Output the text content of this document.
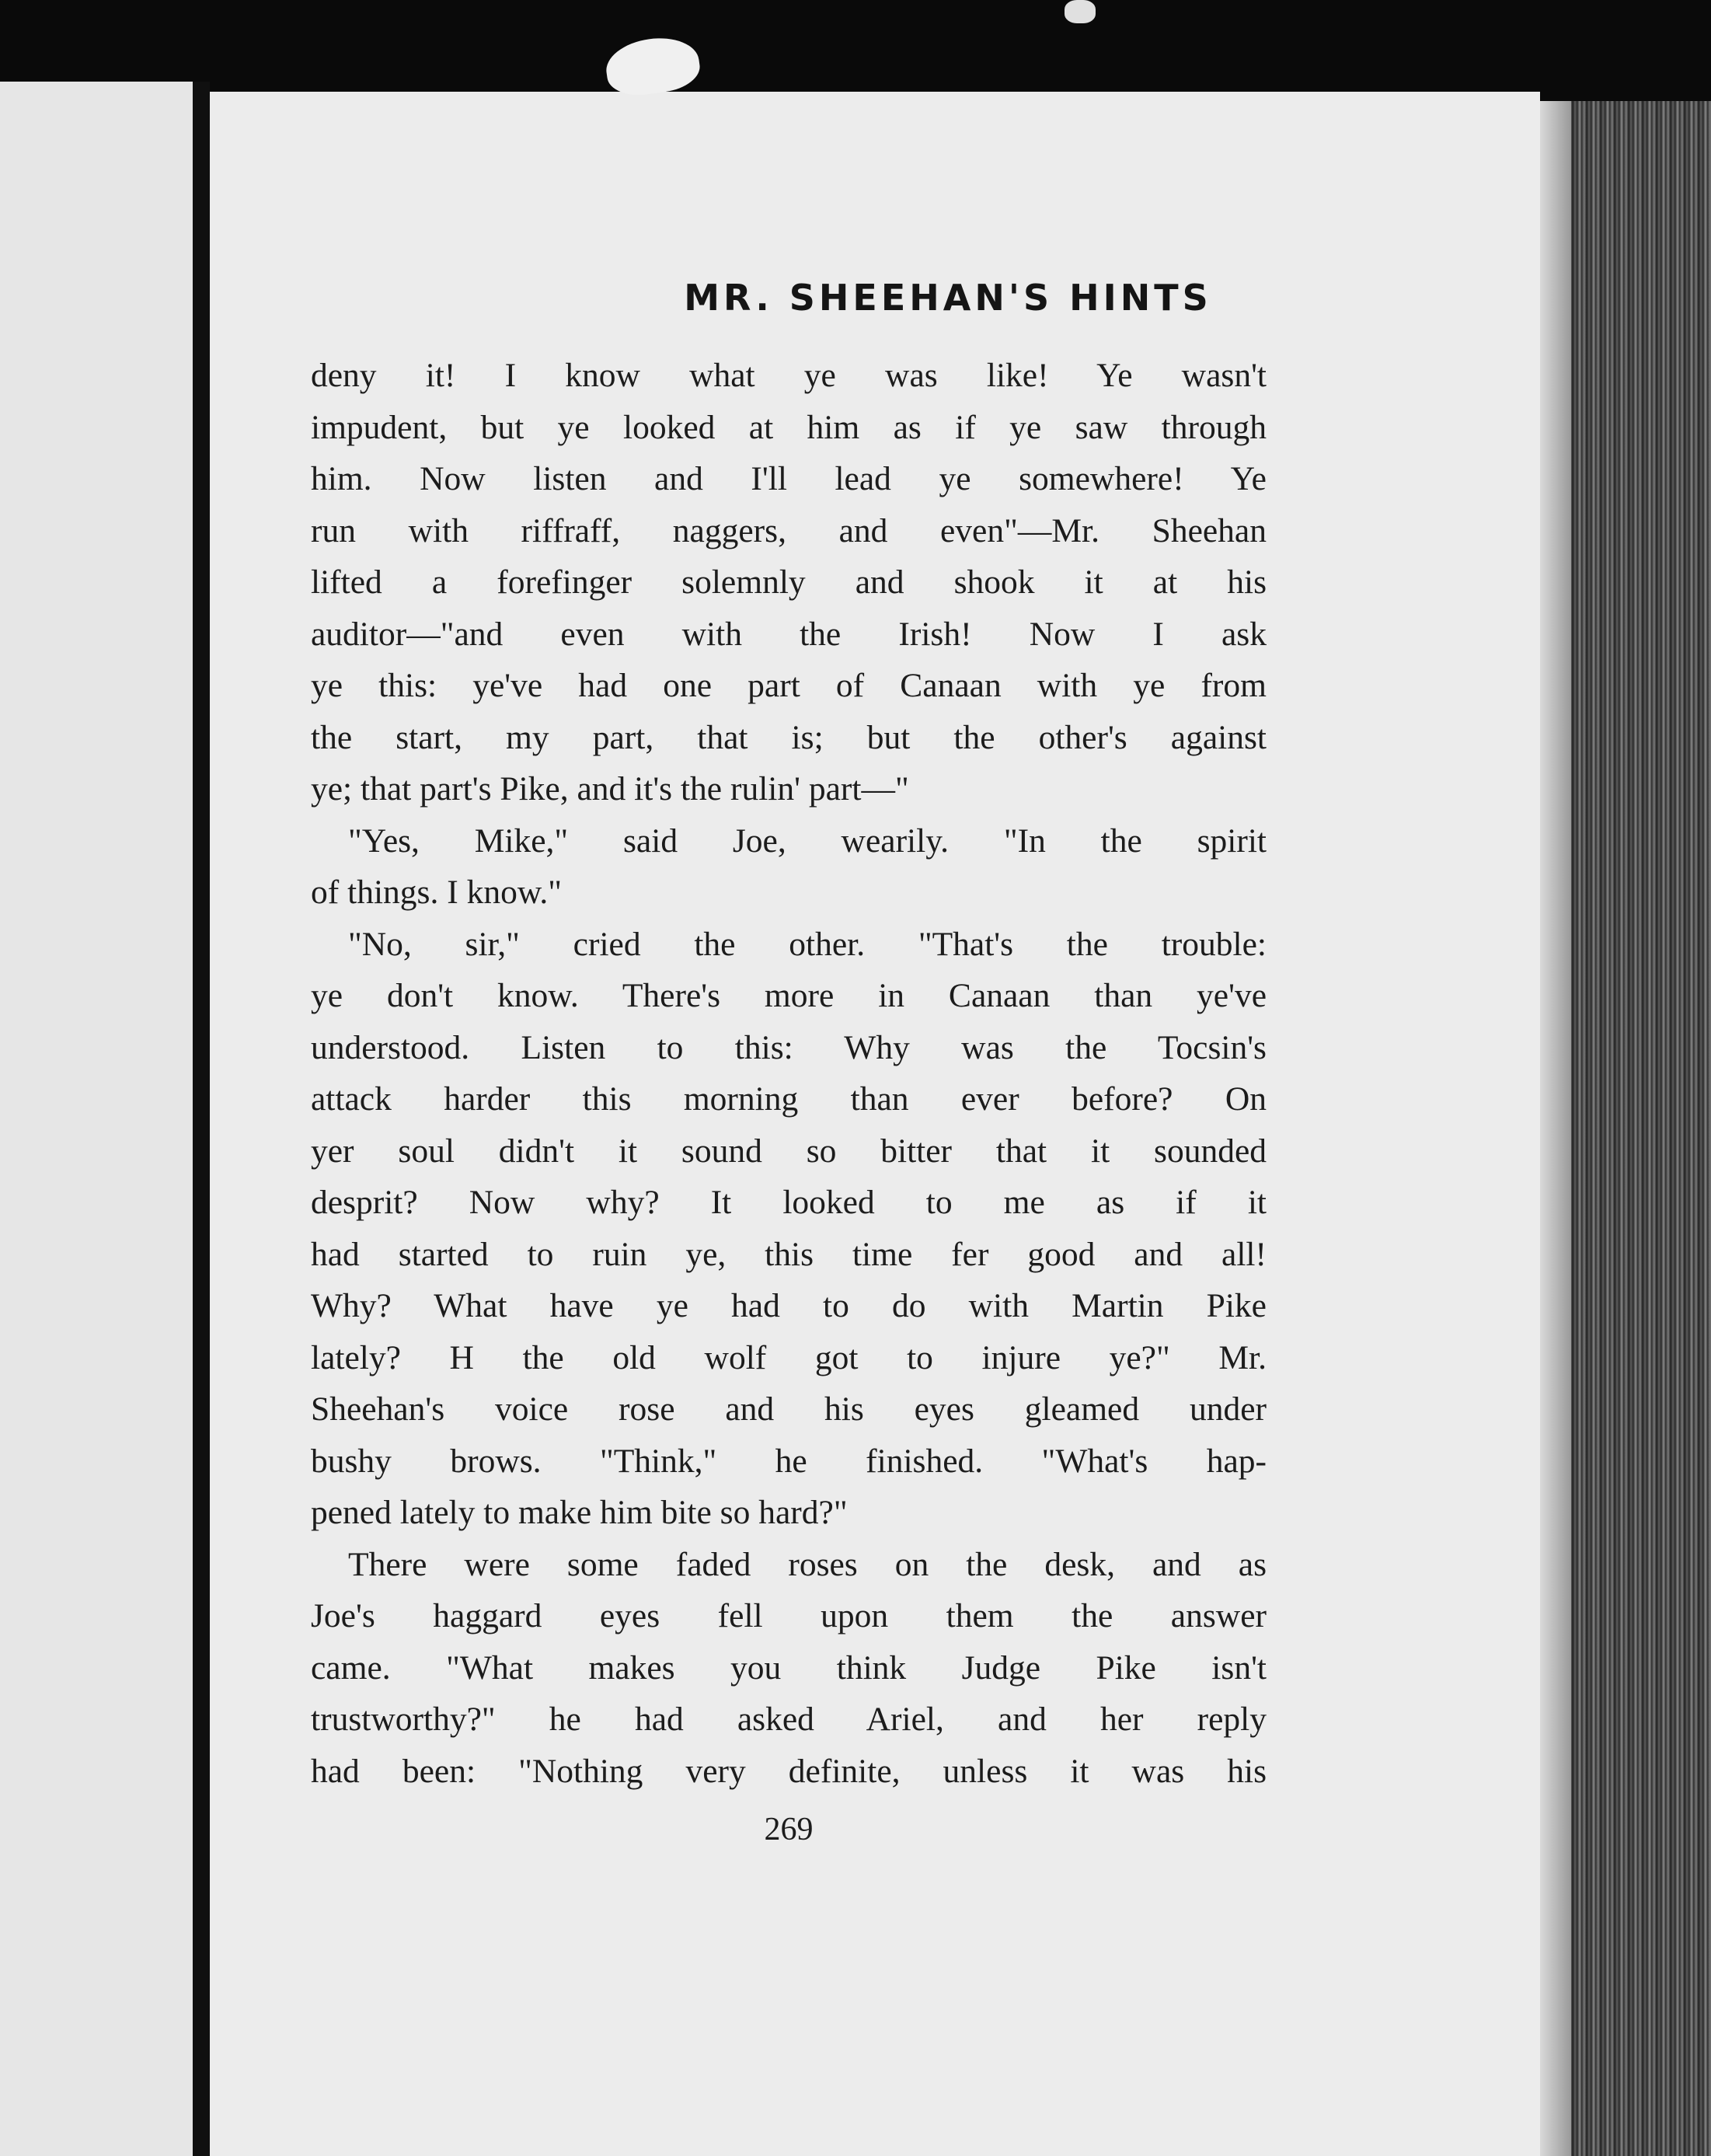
MR. SHEEHAN'S HINTS
deny it! I know what ye was like! Ye wasn't
impudent, but ye looked at him as if ye saw through
him. Now listen and I'll lead ye somewhere! Ye
run with riffraff, naggers, and even"—Mr. Sheehan
lifted a forefinger solemnly and shook it at his
auditor—"and even with the Irish! Now I ask
ye this: ye've had one part of Canaan with ye from
the start, my part, that is; but the other's against
ye; that part's Pike, and it's the rulin' part—"
"Yes, Mike," said Joe, wearily. "In the spirit
of things. I know."
"No, sir," cried the other. "That's the trouble:
ye don't know. There's more in Canaan than ye've
understood. Listen to this: Why was the Tocsin's
attack harder this morning than ever before? On
yer soul didn't it sound so bitter that it sounded
desprit? Now why? It looked to me as if it
had started to ruin ye, this time fer good and all!
Why? What have ye had to do with Martin Pike
lately? H the old wolf got to injure ye?" Mr.
Sheehan's voice rose and his eyes gleamed under
bushy brows. "Think," he finished. "What's hap-
pened lately to make him bite so hard?"
There were some faded roses on the desk, and as
Joe's haggard eyes fell upon them the answer
came. "What makes you think Judge Pike isn't
trustworthy?" he had asked Ariel, and her reply
had been: "Nothing very definite, unless it was his
269
